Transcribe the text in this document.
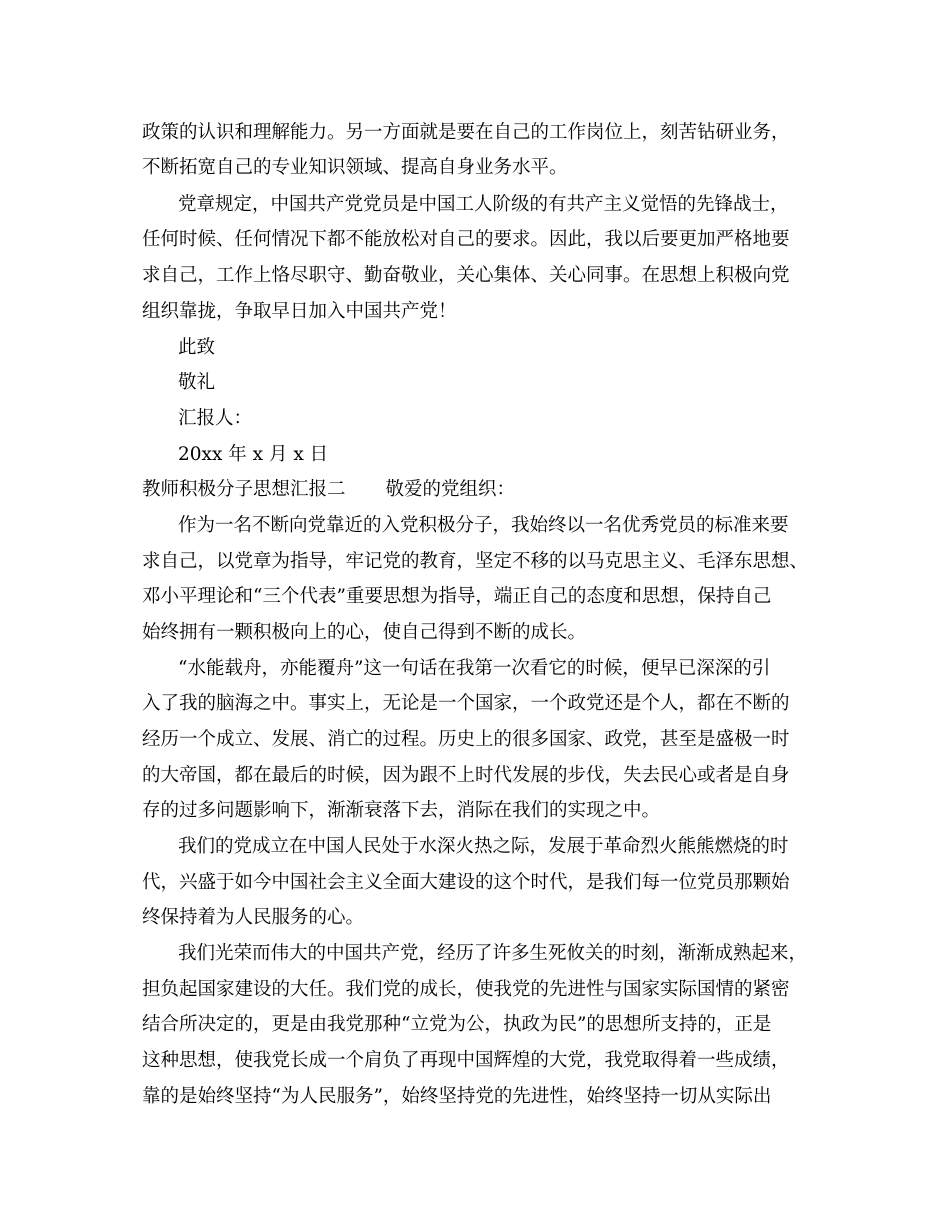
政策的认识和理解能力。另一方面就是要在自己的工作岗位上，刻苦钻研业务，
不断拓宽自己的专业知识领域、提高自身业务水平。
党章规定，中国共产党党员是中国工人阶级的有共产主义觉悟的先锋战士，
任何时候、任何情况下都不能放松对自己的要求。因此，我以后要更加严格地要
求自己，工作上恪尽职守、勤奋敬业，关心集体、关心同事。在思想上积极向党
组织靠拢，争取早日加入中国共产党！
此致
敬礼
汇报人：
20xx 年 x 月 x 日
教师积极分子思想汇报二 敬爱的党组织：
作为一名不断向党靠近的入党积极分子，我始终以一名优秀党员的标准来要
求自己，以党章为指导，牢记党的教育，坚定不移的以马克思主义、毛泽东思想、
邓小平理论和“三个代表”重要思想为指导，端正自己的态度和思想，保持自己
始终拥有一颗积极向上的心，使自己得到不断的成长。
“水能载舟，亦能覆舟”这一句话在我第一次看它的时候，便早已深深的引
入了我的脑海之中。事实上，无论是一个国家，一个政党还是个人，都在不断的
经历一个成立、发展、消亡的过程。历史上的很多国家、政党，甚至是盛极一时
的大帝国，都在最后的时候，因为跟不上时代发展的步伐，失去民心或者是自身
存的过多问题影响下，渐渐衰落下去，消际在我们的实现之中。
我们的党成立在中国人民处于水深火热之际，发展于革命烈火熊熊燃烧的时
代，兴盛于如今中国社会主义全面大建设的这个时代，是我们每一位党员那颗始
终保持着为人民服务的心。
我们光荣而伟大的中国共产党，经历了许多生死攸关的时刻，渐渐成熟起来，
担负起国家建设的大任。我们党的成长，使我党的先进性与国家实际国情的紧密
结合所决定的，更是由我党那种“立党为公，执政为民”的思想所支持的，正是
这种思想，使我党长成一个肩负了再现中国辉煌的大党，我党取得着一些成绩，
靠的是始终坚持“为人民服务”，始终坚持党的先进性，始终坚持一切从实际出
